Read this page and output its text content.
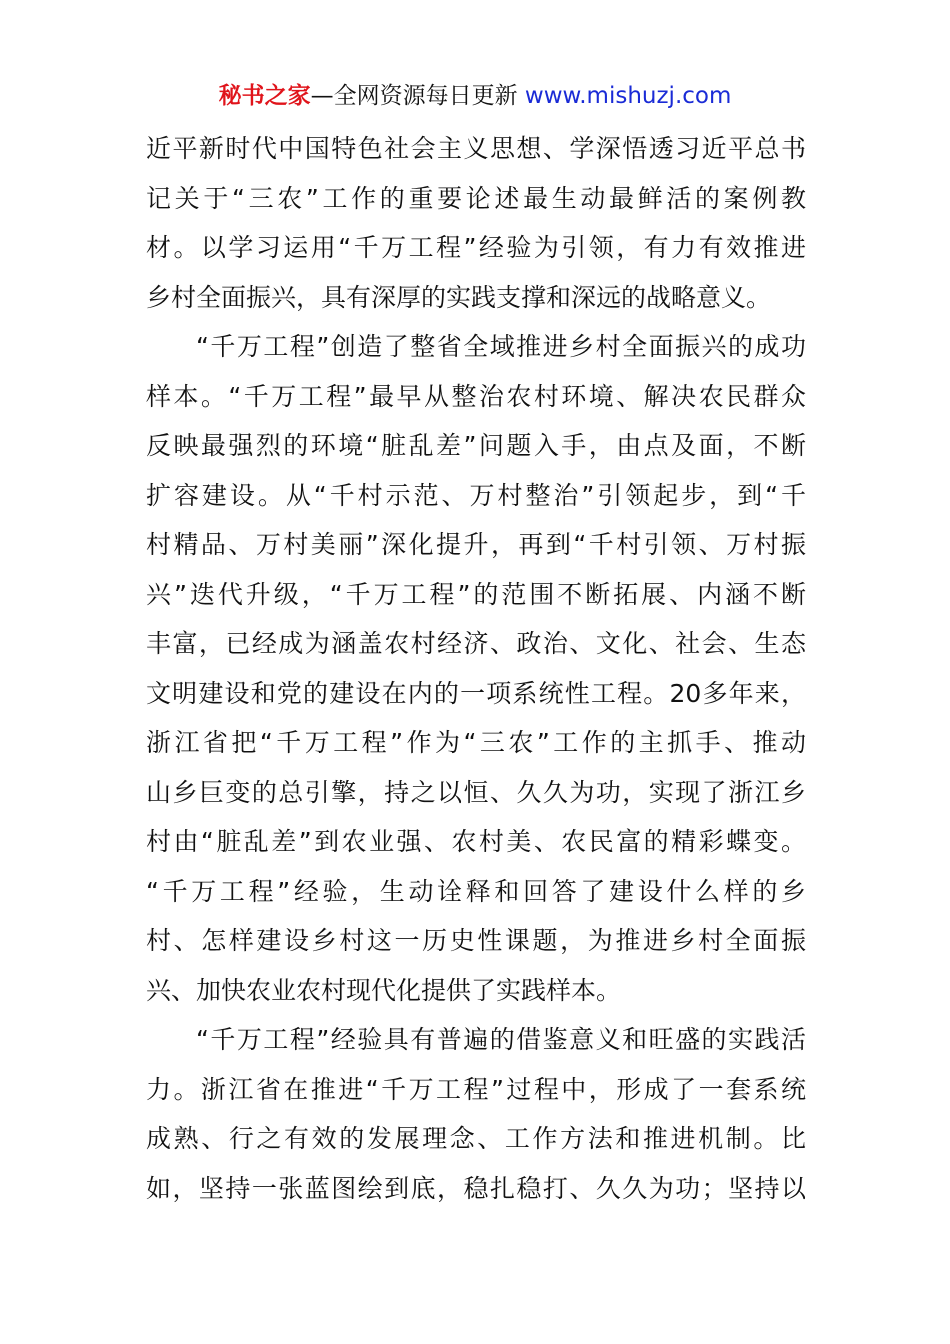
秘书之家—全网资源每日更新 www.mishuzj.com
近平新时代中国特色社会主义思想、学深悟透习近平总书
记关于“三农”工作的重要论述最生动最鲜活的案例教
材。以学习运用“千万工程”经验为引领，有力有效推进
乡村全面振兴，具有深厚的实践支撑和深远的战略意义。
“千万工程”创造了整省全域推进乡村全面振兴的成功
样本。“千万工程”最早从整治农村环境、解决农民群众
反映最强烈的环境“脏乱差”问题入手，由点及面，不断
扩容建设。从“千村示范、万村整治”引领起步，到“千
村精品、万村美丽”深化提升，再到“千村引领、万村振
兴”迭代升级，“千万工程”的范围不断拓展、内涵不断
丰富，已经成为涵盖农村经济、政治、文化、社会、生态
文明建设和党的建设在内的一项系统性工程。20多年来，
浙江省把“千万工程”作为“三农”工作的主抓手、推动
山乡巨变的总引擎，持之以恒、久久为功，实现了浙江乡
村由“脏乱差”到农业强、农村美、农民富的精彩蝶变。
“千万工程”经验，生动诠释和回答了建设什么样的乡
村、怎样建设乡村这一历史性课题，为推进乡村全面振
兴、加快农业农村现代化提供了实践样本。
“千万工程”经验具有普遍的借鉴意义和旺盛的实践活
力。浙江省在推进“千万工程”过程中，形成了一套系统
成熟、行之有效的发展理念、工作方法和推进机制。比
如，坚持一张蓝图绘到底，稳扎稳打、久久为功；坚持以
